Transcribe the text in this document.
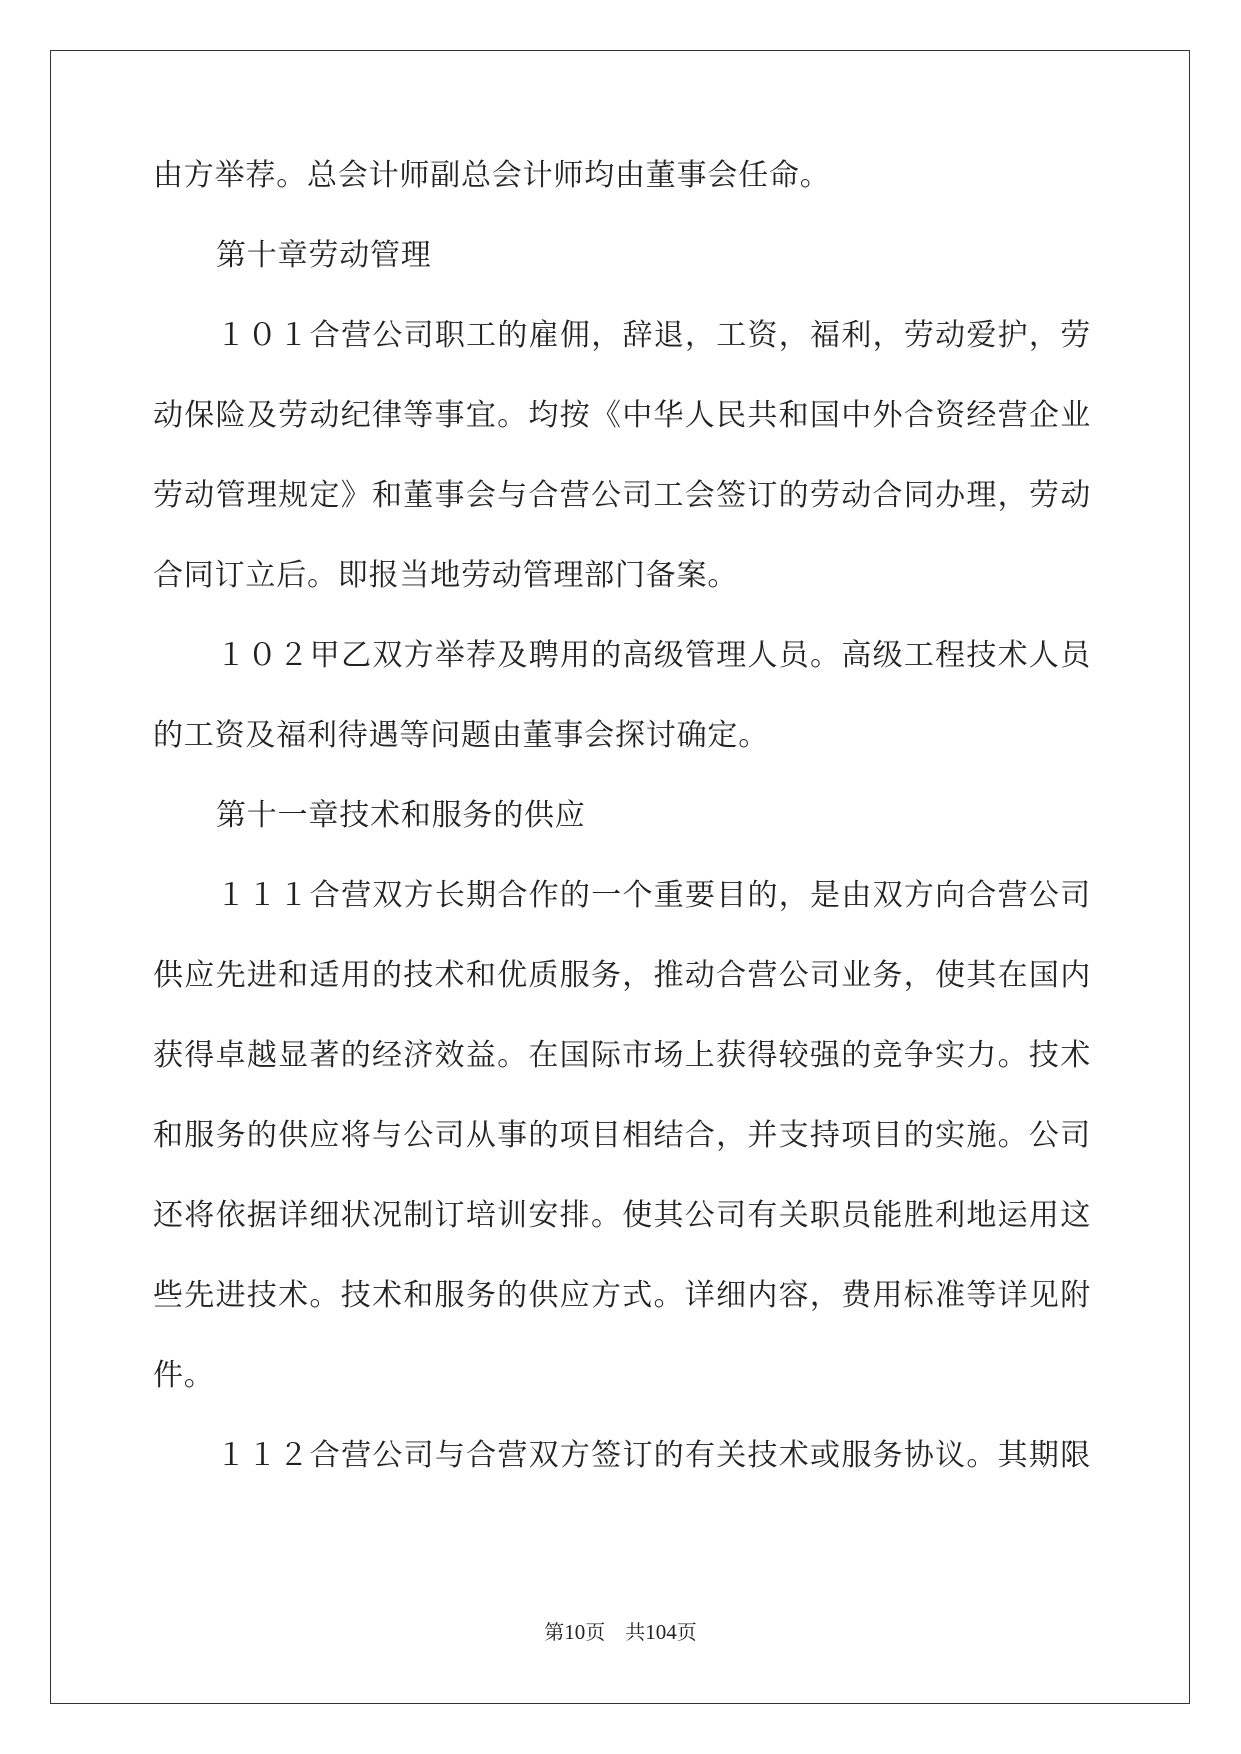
由方举荐。总会计师副总会计师均由董事会任命。
第十章劳动管理
１０１合营公司职工的雇佣，辞退，工资，福利，劳动爱护，劳
动保险及劳动纪律等事宜。均按《中华人民共和国中外合资经营企业
劳动管理规定》和董事会与合营公司工会签订的劳动合同办理，劳动
合同订立后。即报当地劳动管理部门备案。
１０２甲乙双方举荐及聘用的高级管理人员。高级工程技术人员
的工资及福利待遇等问题由董事会探讨确定。
第十一章技术和服务的供应
１１１合营双方长期合作的一个重要目的，是由双方向合营公司
供应先进和适用的技术和优质服务，推动合营公司业务，使其在国内
获得卓越显著的经济效益。在国际市场上获得较强的竞争实力。技术
和服务的供应将与公司从事的项目相结合，并支持项目的实施。公司
还将依据详细状况制订培训安排。使其公司有关职员能胜利地运用这
些先进技术。技术和服务的供应方式。详细内容，费用标准等详见附
件。
１１２合营公司与合营双方签订的有关技术或服务协议。其期限
第10页 共104页
